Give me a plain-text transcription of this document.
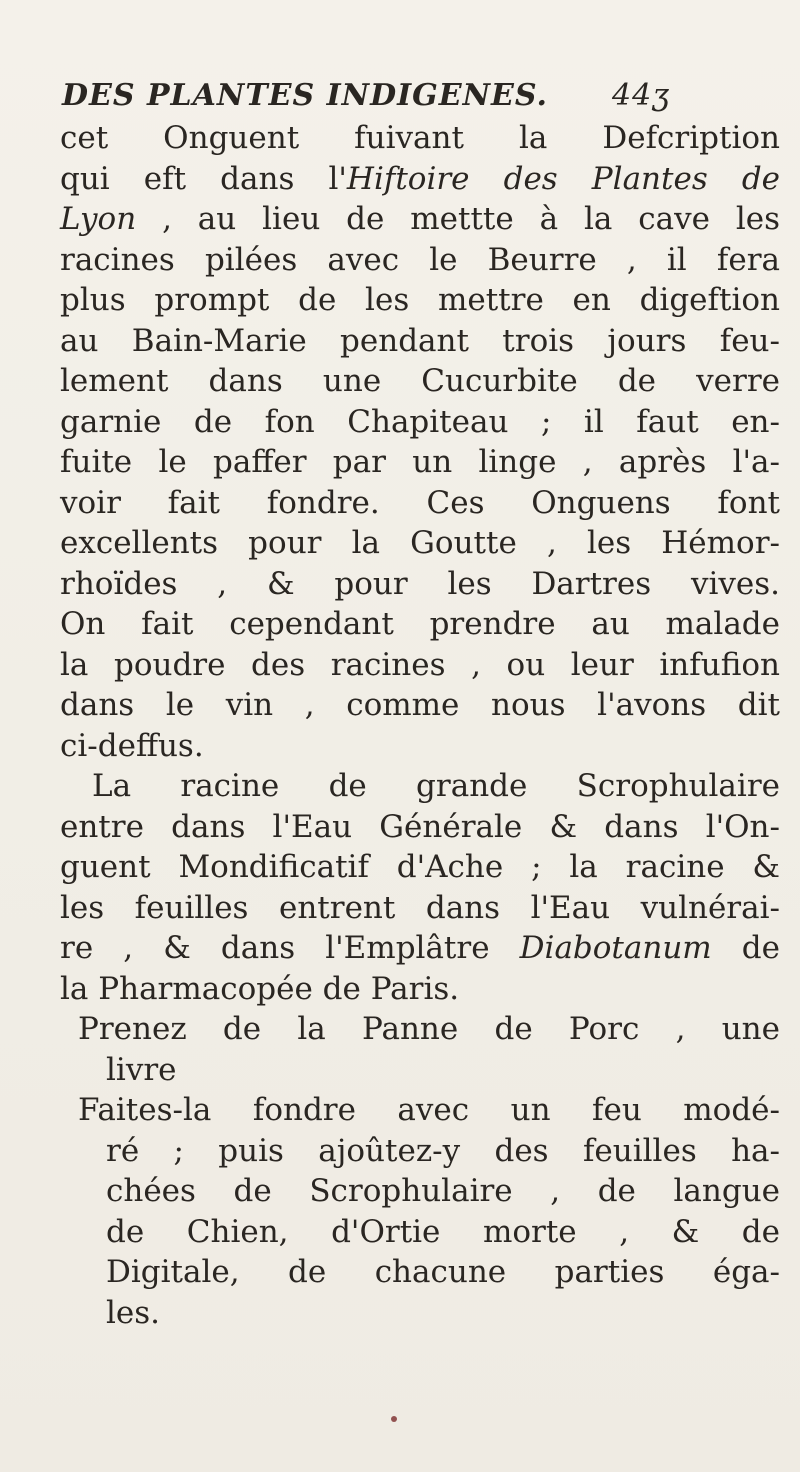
DES PLANTES INDIGENES. 44ʒ
cet Onguent fuivant la Defcription
qui eft dans l'Hiftoire des Plantes de
Lyon , au lieu de mettte à la cave les
racines pilées avec le Beurre , il fera
plus prompt de les mettre en digeftion
au Bain-Marie pendant trois jours feu-
lement dans une Cucurbite de verre
garnie de fon Chapiteau ; il faut en-
fuite le paffer par un linge , après l'a-
voir fait fondre. Ces Onguens font
excellents pour la Goutte , les Hémor-
rhoïdes , & pour les Dartres vives.
On fait cependant prendre au malade
la poudre des racines , ou leur infufion
dans le vin , comme nous l'avons dit
ci-deffus.
La racine de grande Scrophulaire
entre dans l'Eau Générale & dans l'On-
guent Mondificatif d'Ache ; la racine &
les feuilles entrent dans l'Eau vulnérai-
re , & dans l'Emplâtre Diabotanum de
la Pharmacopée de Paris.
Prenez de la Panne de Porc , une
livre
Faites-la fondre avec un feu modé-
ré ; puis ajoûtez-y des feuilles ha-
chées de Scrophulaire , de langue
de Chien, d'Ortie morte , & de
Digitale, de chacune parties éga-
les.
